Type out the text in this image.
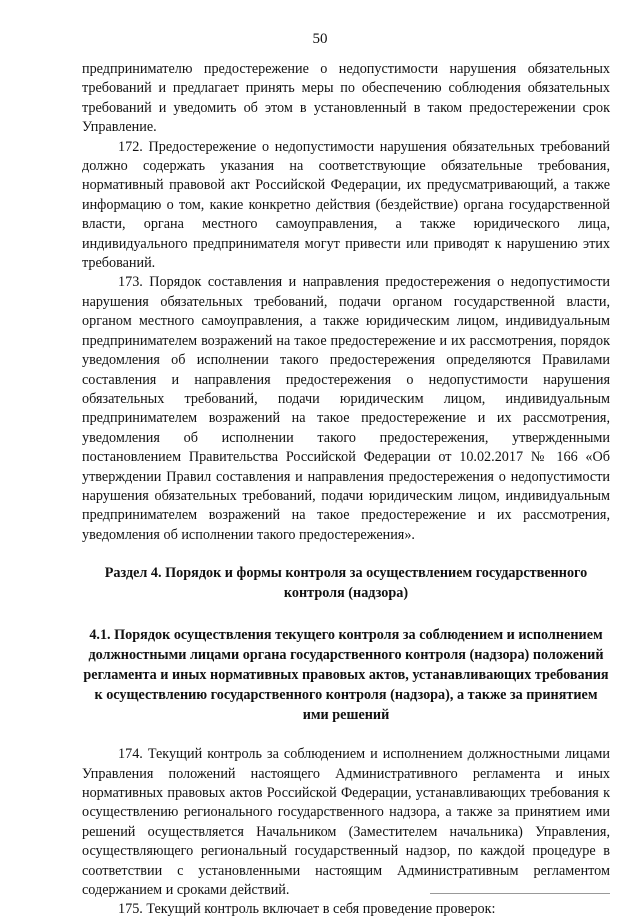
50

предпринимателю предостережение о недопустимости нарушения обязательных требований и предлагает принять меры по обеспечению соблюдения обязательных требований и уведомить об этом в установленный в таком предостережении срок Управление.

172. Предостережение о недопустимости нарушения обязательных требований должно содержать указания на соответствующие обязательные требования, нормативный правовой акт Российской Федерации, их предусматривающий, а также информацию о том, какие конкретно действия (бездействие) органа государственной власти, органа местного самоуправления, а также юридического лица, индивидуального предпринимателя могут привести или приводят к нарушению этих требований.

173. Порядок составления и направления предостережения о недопустимости нарушения обязательных требований, подачи органом государственной власти, органом местного самоуправления, а также юридическим лицом, индивидуальным предпринимателем возражений на такое предостережение и их рассмотрения, порядок уведомления об исполнении такого предостережения определяются Правилами составления и направления предостережения о недопустимости нарушения обязательных требований, подачи юридическим лицом, индивидуальным предпринимателем возражений на такое предостережение и их рассмотрения, уведомления об исполнении такого предостережения, утвержденными постановлением Правительства Российской Федерации от 10.02.2017 № 166 «Об утверждении Правил составления и направления предостережения о недопустимости нарушения обязательных требований, подачи юридическим лицом, индивидуальным предпринимателем возражений на такое предостережение и их рассмотрения, уведомления об исполнении такого предостережения».

Раздел 4. Порядок и формы контроля за осуществлением государственного контроля (надзора)

4.1. Порядок осуществления текущего контроля за соблюдением и исполнением должностными лицами органа государственного контроля (надзора) положений регламента и иных нормативных правовых актов, устанавливающих требования к осуществлению государственного контроля (надзора), а также за принятием ими решений

174. Текущий контроль за соблюдением и исполнением должностными лицами Управления положений настоящего Административного регламента и иных нормативных правовых актов Российской Федерации, устанавливающих требования к осуществлению регионального государственного надзора, а также за принятием ими решений осуществляется Начальником (Заместителем начальника) Управления, осуществляющего региональный государственный надзор, по каждой процедуре в соответствии с установленными настоящим Административным регламентом содержанием и сроками действий.

175. Текущий контроль включает в себя проведение проверок:
